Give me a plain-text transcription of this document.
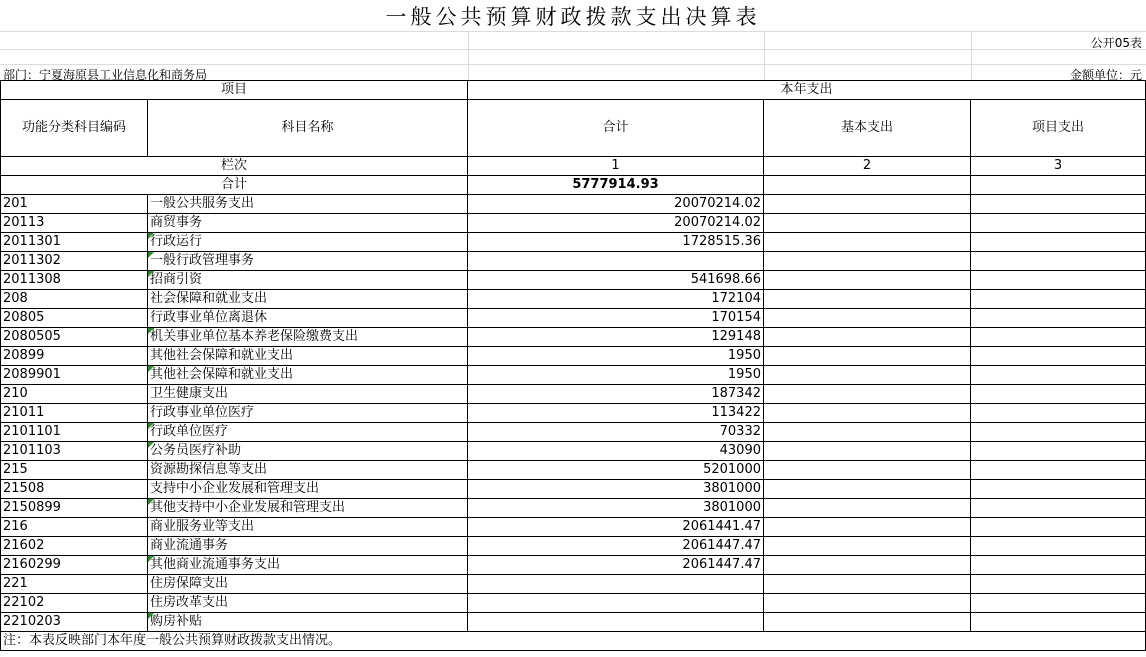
一般公共预算财政拨款支出决算表
公开05表
部门：宁夏海原县工业信息化和商务局	金额单位：元
项目		本年支出		
功能分类科目编码	科目名称	合计	基本支出	项目支出
栏次		1	2	3
合计		5777914.93		
201	一般公共服务支出	20070214.02		
20113	商贸事务	20070214.02		
2011301	行政运行	1728515.36		
2011302	一般行政管理事务			
2011308	招商引资	541698.66		
208	社会保障和就业支出	172104		
20805	行政事业单位离退休	170154		
2080505	机关事业单位基本养老保险缴费支出	129148		
20899	其他社会保障和就业支出	1950		
2089901	其他社会保障和就业支出	1950		
210	卫生健康支出	187342		
21011	行政事业单位医疗	113422		
2101101	行政单位医疗	70332		
2101103	公务员医疗补助	43090		
215	资源勘探信息等支出	5201000		
21508	支持中小企业发展和管理支出	3801000		
2150899	其他支持中小企业发展和管理支出	3801000		
216	商业服务业等支出	2061441.47		
21602	商业流通事务	2061447.47		
2160299	其他商业流通事务支出	2061447.47		
221	住房保障支出			
22102	住房改革支出			
2210203	购房补贴			
注：本表反映部门本年度一般公共预算财政拨款支出情况。				
